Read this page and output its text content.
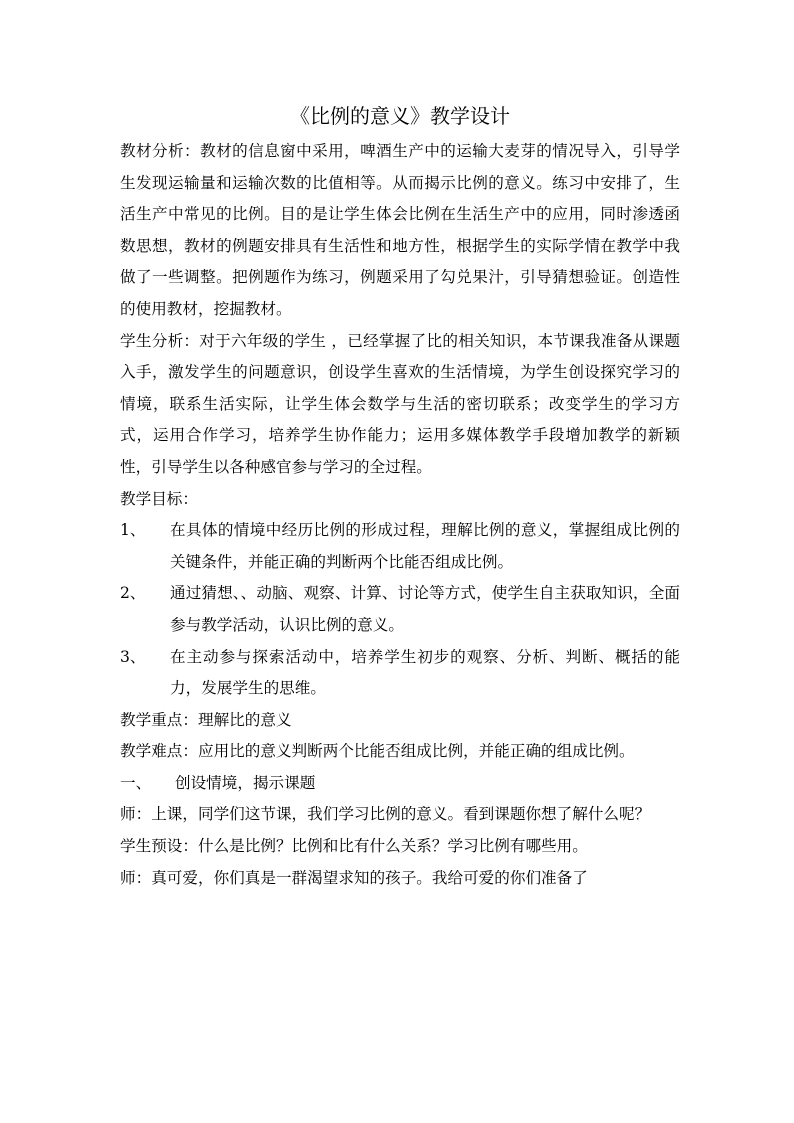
《比例的意义》教学设计

教材分析：教材的信息窗中采用，啤酒生产中的运输大麦芽的情况导入，引导学生发现运输量和运输次数的比值相等。从而揭示比例的意义。练习中安排了，生活生产中常见的比例。目的是让学生体会比例在生活生产中的应用，同时渗透函数思想，教材的例题安排具有生活性和地方性，根据学生的实际学情在教学中我做了一些调整。把例题作为练习，例题采用了勾兑果汁，引导猜想验证。创造性的使用教材，挖掘教材。

学生分析：对于六年级的学生 ，已经掌握了比的相关知识，本节课我准备从课题入手，激发学生的问题意识，创设学生喜欢的生活情境，为学生创设探究学习的情境，联系生活实际，让学生体会数学与生活的密切联系；改变学生的学习方式，运用合作学习，培养学生协作能力；运用多媒体教学手段增加教学的新颖性，引导学生以各种感官参与学习的全过程。

教学目标：
1、	在具体的情境中经历比例的形成过程，理解比例的意义，掌握组成比例的关键条件，并能正确的判断两个比能否组成比例。
2、	通过猜想、、动脑、观察、计算、讨论等方式，使学生自主获取知识，全面参与教学活动，认识比例的意义。
3、	在主动参与探索活动中，培养学生初步的观察、分析、判断、概括的能力，发展学生的思维。

教学重点：理解比的意义

教学难点：应用比的意义判断两个比能否组成比例，并能正确的组成比例。

一、 创设情境，揭示课题

师：上课，同学们这节课，我们学习比例的意义。看到课题你想了解什么呢？

学生预设：什么是比例？比例和比有什么关系？学习比例有哪些用。

师：真可爱，你们真是一群渴望求知的孩子。我给可爱的你们准备了
